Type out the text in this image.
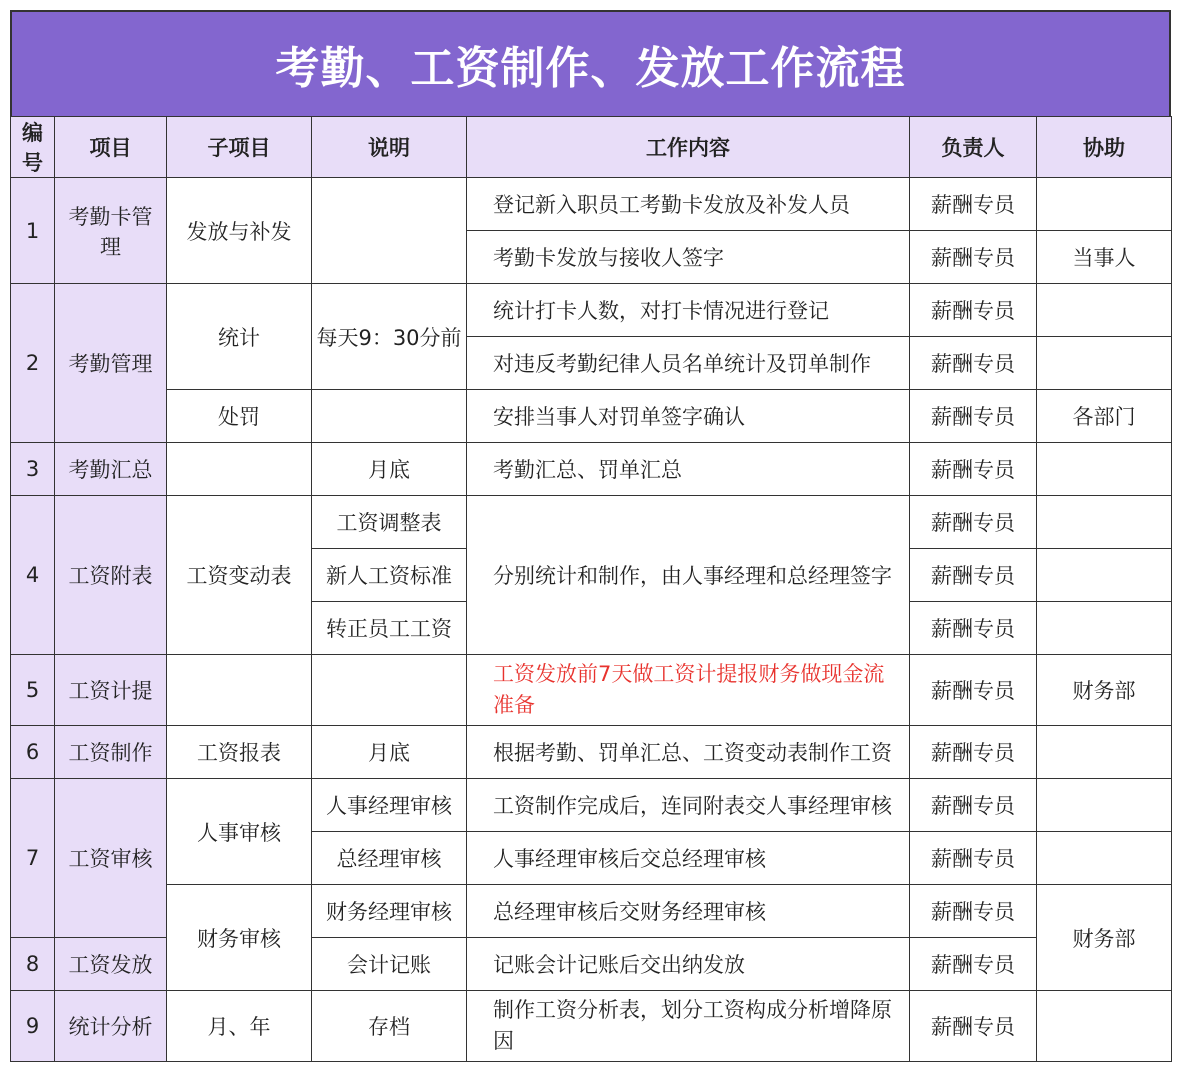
考勤、工资制作、发放工作流程
编号	项目	子项目	说明	工作内容	负责人	协助
1	考勤卡管理	发放与补发		登记新入职员工考勤卡发放及补发人员	薪酬专员	
				考勤卡发放与接收人签字	薪酬专员	当事人
2	考勤管理	统计	每天9：30分前	统计打卡人数，对打卡情况进行登记	薪酬专员	
				对违反考勤纪律人员名单统计及罚单制作	薪酬专员	
		处罚		安排当事人对罚单签字确认	薪酬专员	各部门
3	考勤汇总		月底	考勤汇总、罚单汇总	薪酬专员	
4	工资附表	工资变动表	工资调整表	分别统计和制作，由人事经理和总经理签字	薪酬专员	
			新人工资标准		薪酬专员	
			转正员工工资		薪酬专员	
5	工资计提			工资发放前7天做工资计提报财务做现金流准备	薪酬专员	财务部
6	工资制作	工资报表	月底	根据考勤、罚单汇总、工资变动表制作工资	薪酬专员	
7	工资审核	人事审核	人事经理审核	工资制作完成后，连同附表交人事经理审核	薪酬专员	
			总经理审核	人事经理审核后交总经理审核	薪酬专员	
		财务审核	财务经理审核	总经理审核后交财务经理审核	薪酬专员	财务部
8	工资发放		会计记账	记账会计记账后交出纳发放	薪酬专员	
9	统计分析	月、年	存档	制作工资分析表，划分工资构成分析增降原因	薪酬专员	
